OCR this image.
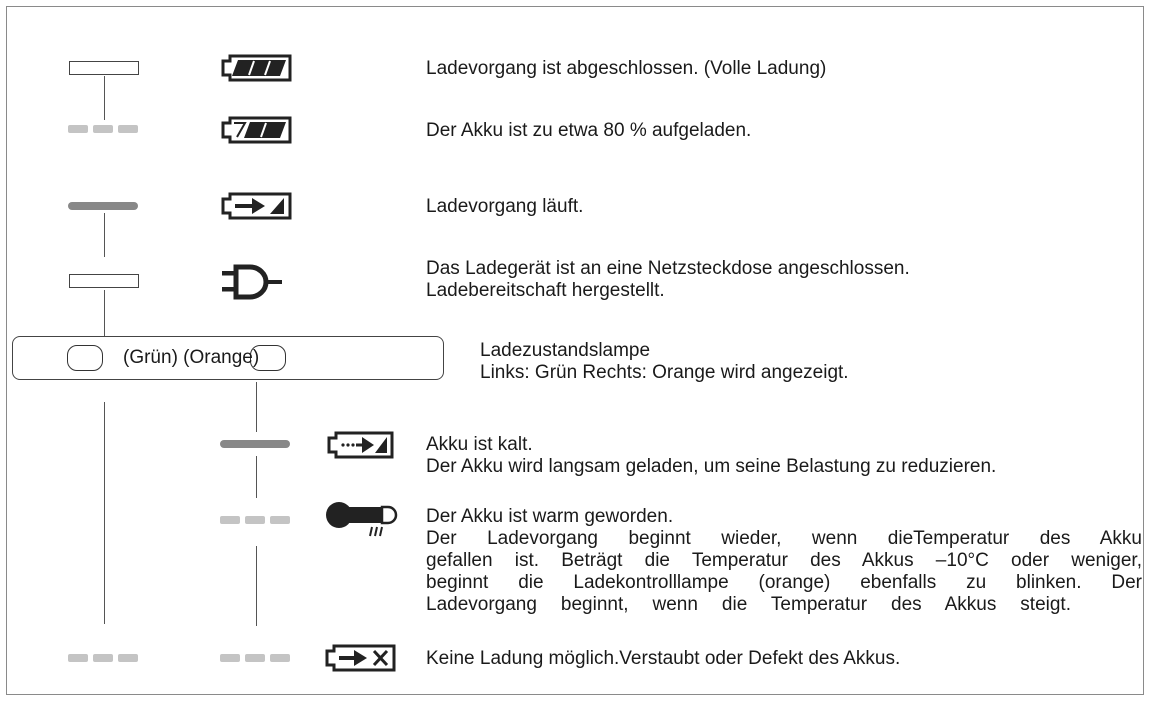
Ladevorgang ist abgeschlossen. (Volle Ladung)
Der Akku ist zu etwa 80 % aufgeladen.
Ladevorgang läuft.
Das Ladegerät ist an eine Netzsteckdose angeschlossen.
Ladebereitschaft hergestellt.
(Grün) (Orange)	Ladezustandslampe
Links: Grün Rechts: Orange wird angezeigt.
Akku ist kalt.
Der Akku wird langsam geladen, um seine Belastung zu reduzieren.
Der Akku ist warm geworden.
Der Ladevorgang beginnt wieder, wenn dieTemperatur des Akku
gefallen ist. Beträgt die Temperatur des Akkus –10°C oder weniger,
beginnt die Ladekontrolllampe (orange) ebenfalls zu blinken. Der
Ladevorgang beginnt, wenn die Temperatur des Akkus steigt.
Keine Ladung möglich.Verstaubt oder Defekt des Akkus.
